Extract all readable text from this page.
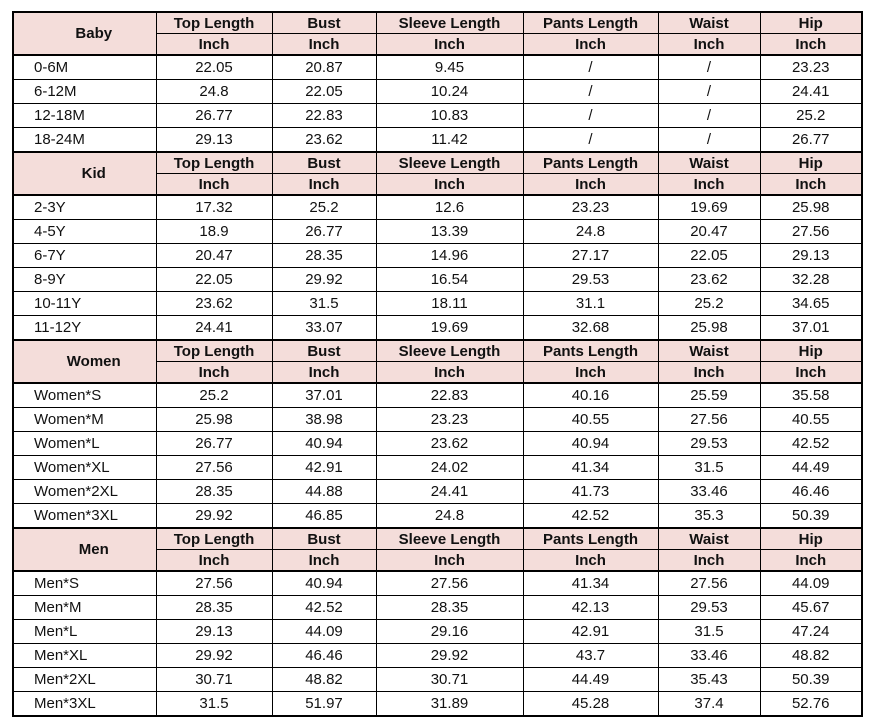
Baby	Top Length	Bust	Sleeve Length	Pants Length	Waist	Hip
	Inch	Inch	Inch	Inch	Inch	Inch
0-6M	22.05	20.87	9.45	/	/	23.23
6-12M	24.8	22.05	10.24	/	/	24.41
12-18M	26.77	22.83	10.83	/	/	25.2
18-24M	29.13	23.62	11.42	/	/	26.77
Kid	Top Length	Bust	Sleeve Length	Pants Length	Waist	Hip
	Inch	Inch	Inch	Inch	Inch	Inch
2-3Y	17.32	25.2	12.6	23.23	19.69	25.98
4-5Y	18.9	26.77	13.39	24.8	20.47	27.56
6-7Y	20.47	28.35	14.96	27.17	22.05	29.13
8-9Y	22.05	29.92	16.54	29.53	23.62	32.28
10-11Y	23.62	31.5	18.11	31.1	25.2	34.65
11-12Y	24.41	33.07	19.69	32.68	25.98	37.01
Women	Top Length	Bust	Sleeve Length	Pants Length	Waist	Hip
	Inch	Inch	Inch	Inch	Inch	Inch
Women*S	25.2	37.01	22.83	40.16	25.59	35.58
Women*M	25.98	38.98	23.23	40.55	27.56	40.55
Women*L	26.77	40.94	23.62	40.94	29.53	42.52
Women*XL	27.56	42.91	24.02	41.34	31.5	44.49
Women*2XL	28.35	44.88	24.41	41.73	33.46	46.46
Women*3XL	29.92	46.85	24.8	42.52	35.3	50.39
Men	Top Length	Bust	Sleeve Length	Pants Length	Waist	Hip
	Inch	Inch	Inch	Inch	Inch	Inch
Men*S	27.56	40.94	27.56	41.34	27.56	44.09
Men*M	28.35	42.52	28.35	42.13	29.53	45.67
Men*L	29.13	44.09	29.16	42.91	31.5	47.24
Men*XL	29.92	46.46	29.92	43.7	33.46	48.82
Men*2XL	30.71	48.82	30.71	44.49	35.43	50.39
Men*3XL	31.5	51.97	31.89	45.28	37.4	52.76
